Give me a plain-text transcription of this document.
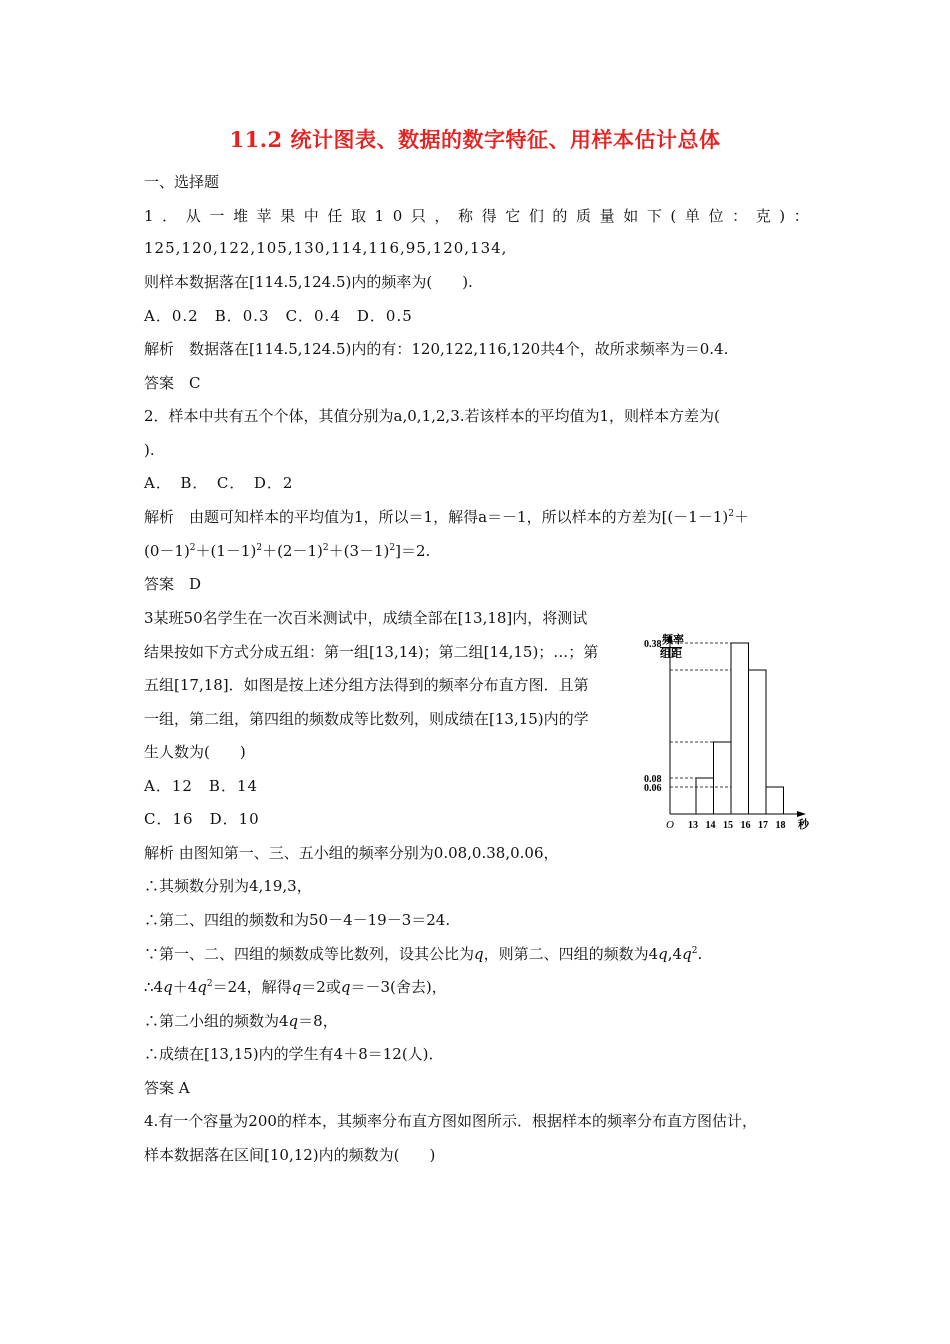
11.2 统计图表、数据的数字特征、用样本估计总体
一、选择题
1．从一堆苹果中任取10只，称得它们的质量如下(单位：克)：
125,120,122,105,130,114,116,95,120,134,
则样本数据落在[114.5,124.5)内的频率为(　　).
A．0.2　B．0.3　C．0.4　D．0.5
解析　数据落在[114.5,124.5)内的有：120,122,116,120共4个，故所求频率为＝0.4.
答案　C
2．样本中共有五个个体，其值分别为a,0,1,2,3.若该样本的平均值为1，则样本方差为(
).
A．　B．　C．　D．2
解析　由题可知样本的平均值为1，所以＝1，解得a＝－1，所以样本的方差为[$(-1-1)^2+$
$(0-1)^2+(1-1)^2+(2-1)^2+(3-1)^2]=2$.
答案　D
3某班50名学生在一次百米测试中，成绩全部在[13,18]内，将测试
结果按如下方式分成五组：第一组[13,14)；第二组[14,15)；…；第
五组[17,18]．如图是按上述分组方法得到的频率分布直方图．且第
一组，第二组，第四组的频数成等比数列，则成绩在[13,15)内的学
生人数为(　　)
A．12　B．14
C．16　D．10
频率
组距
O	秒
0.06
0.08
0.38
13 14 15 16 17 18
解析 由图知第一、三、五小组的频率分别为0.08,0.38,0.06，
∴其频数分别为4,19,3，
∴第二、四组的频数和为50－4－19－3＝24.
∵第一、二、四组的频数成等比数列，设其公比为q，则第二、四组的频数为$4q,4q^2$.
$\therefore 4q+4q^2=24$，解得q＝2或q＝－3(舍去)，
∴第二小组的频数为4q＝8，
∴成绩在[13,15)内的学生有4＋8＝12(人)．
答案 A
4.有一个容量为200的样本，其频率分布直方图如图所示．根据样本的频率分布直方图估计，
样本数据落在区间[10,12)内的频数为(　　)
